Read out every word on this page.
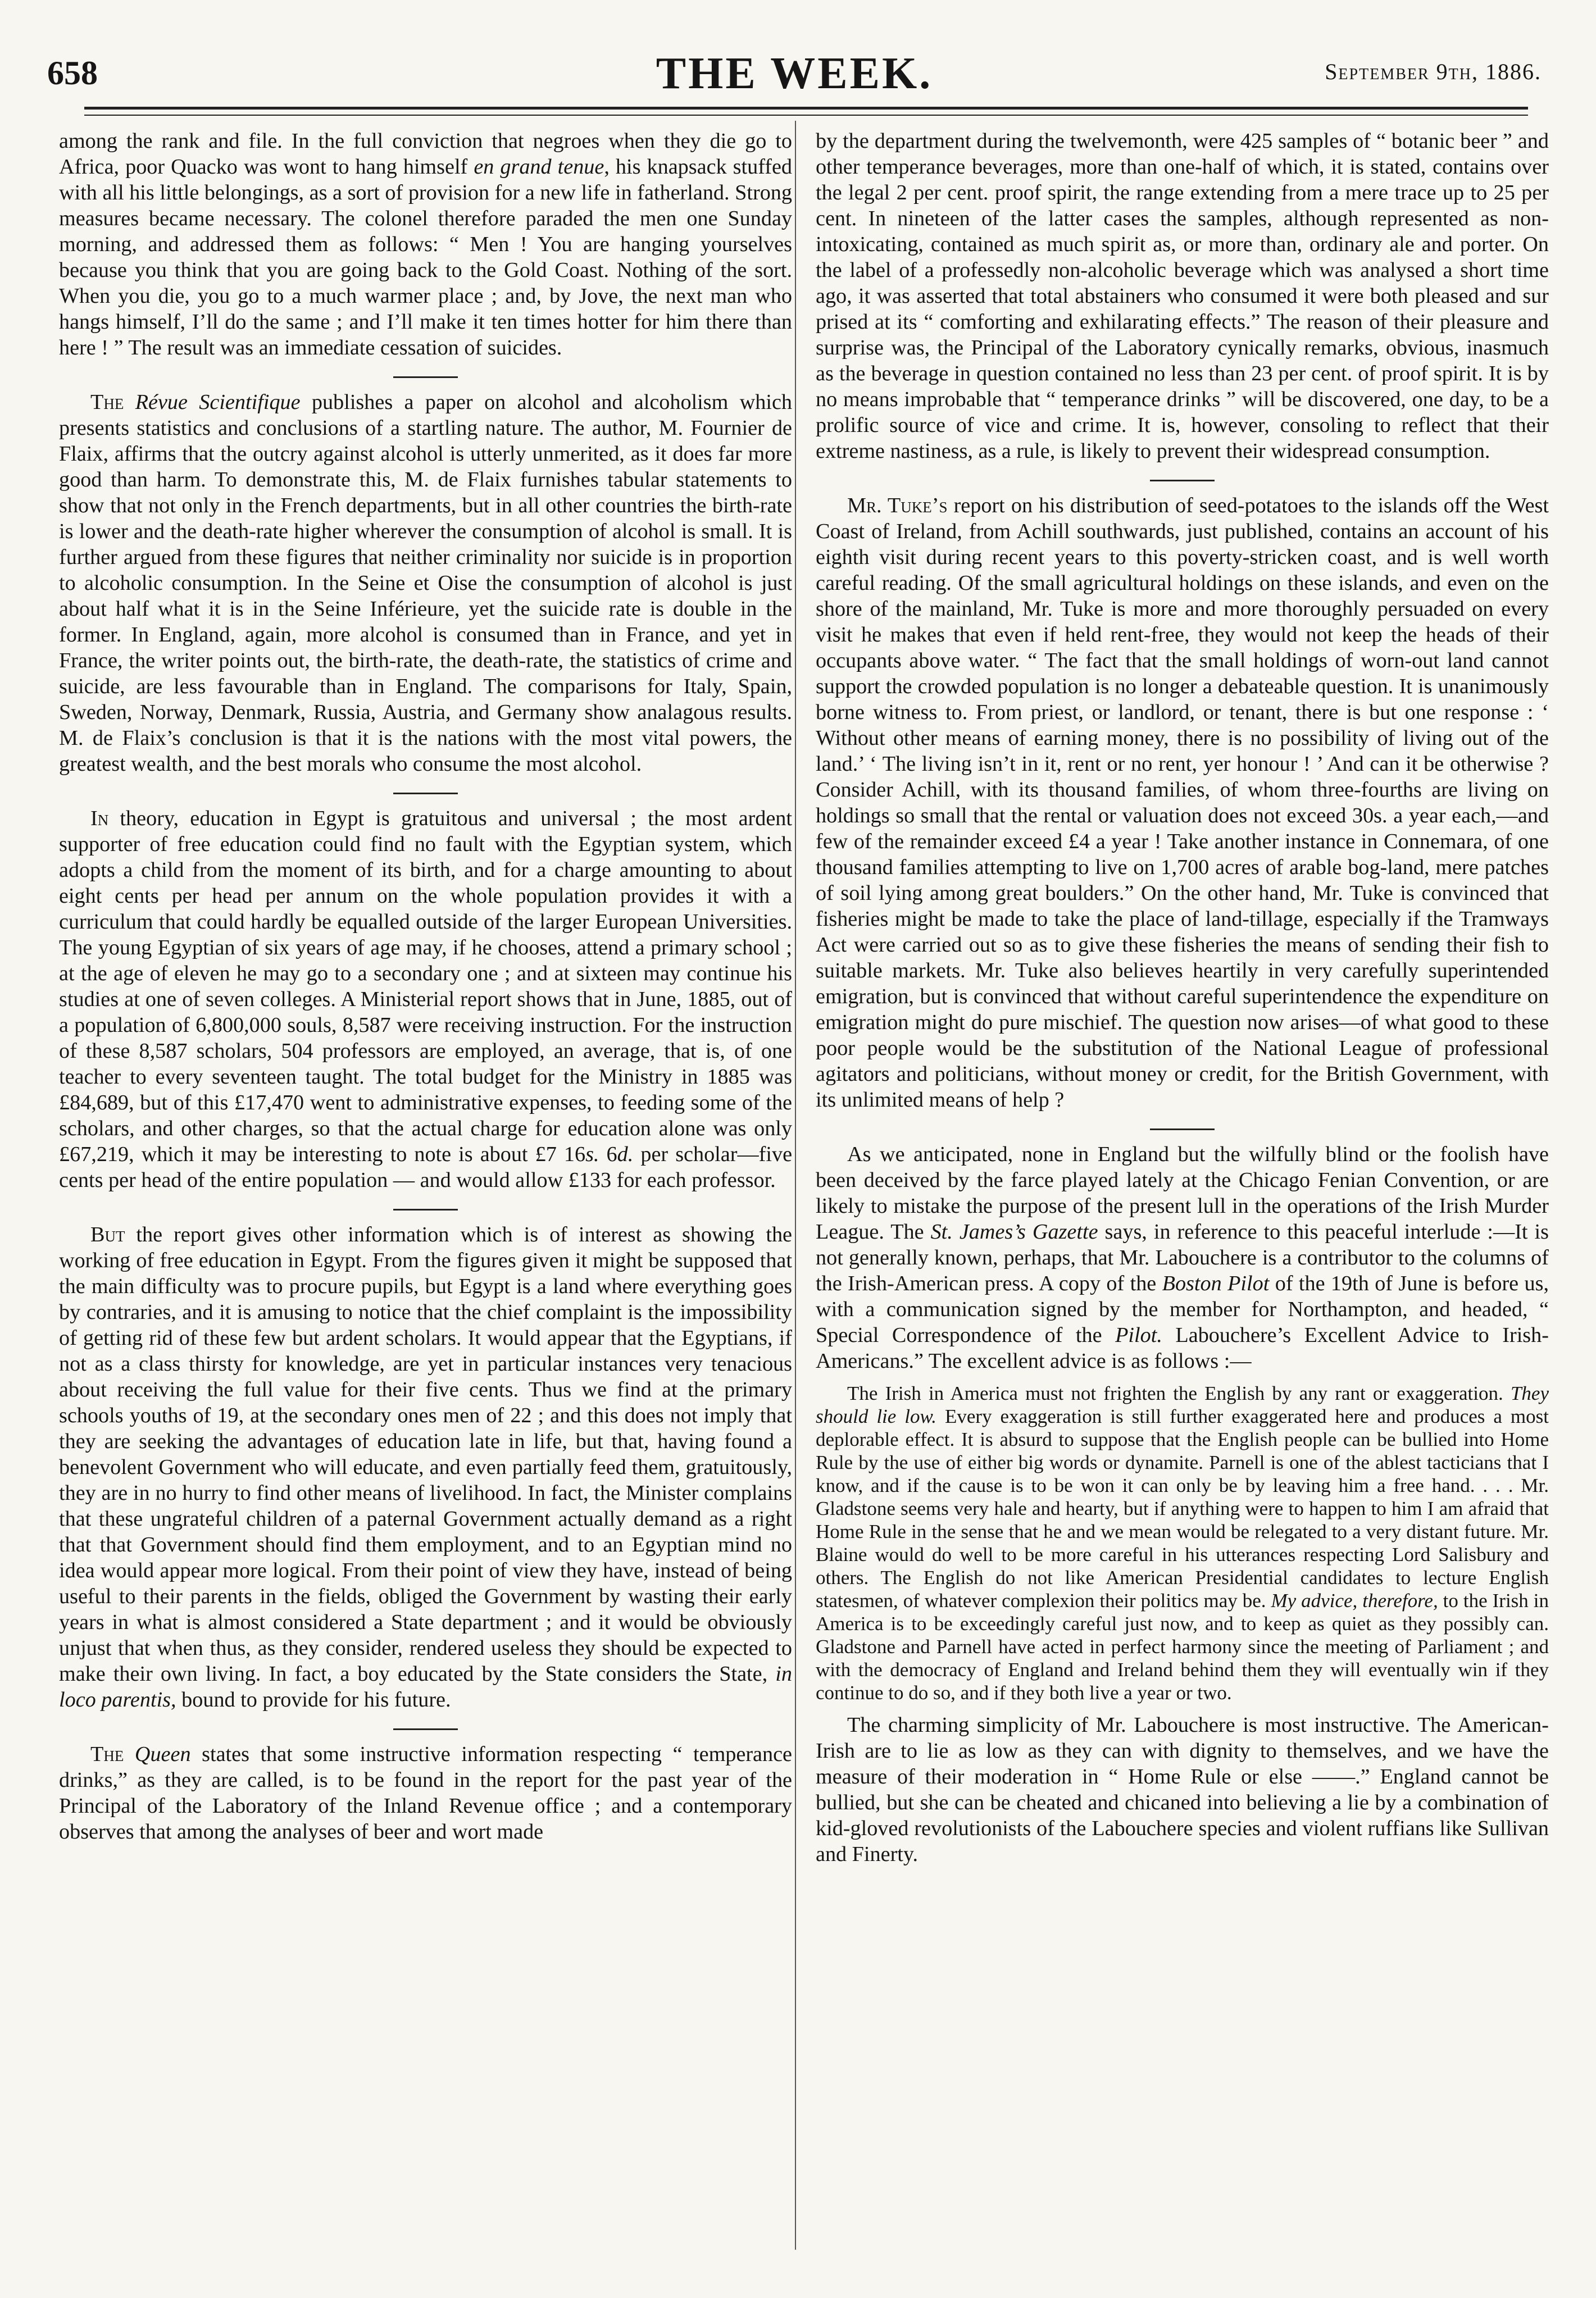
658	THE WEEK.	September 9th, 1886.

among the rank and file. In the full conviction that negroes when they die go to Africa, poor Quacko was wont to hang himself en grand tenue, his knapsack stuffed with all his little belongings, as a sort of provision for a new life in fatherland. Strong measures became necessary. The colonel therefore paraded the men one Sunday morning, and addressed them as follows: “ Men ! You are hanging yourselves because you think that you are going back to the Gold Coast. Nothing of the sort. When you die, you go to a much warmer place ; and, by Jove, the next man who hangs himself, I’ll do the same ; and I’ll make it ten times hotter for him there than here ! ” The result was an immediate cessation of suicides.

The Révue Scientifique publishes a paper on alcohol and alcoholism which presents statistics and conclusions of a startling nature. The author, M. Fournier de Flaix, affirms that the outcry against alcohol is utterly unmerited, as it does far more good than harm. To demonstrate this, M. de Flaix furnishes tabular statements to show that not only in the French departments, but in all other countries the birth-rate is lower and the death-rate higher wherever the consumption of alcohol is small. It is further argued from these figures that neither criminality nor suicide is in proportion to alcoholic consumption. In the Seine et Oise the consumption of alcohol is just about half what it is in the Seine Inférieure, yet the suicide rate is double in the former. In England, again, more alcohol is consumed than in France, and yet in France, the writer points out, the birth-rate, the death-rate, the statistics of crime and suicide, are less favourable than in England. The comparisons for Italy, Spain, Sweden, Norway, Denmark, Russia, Austria, and Germany show analagous results. M. de Flaix’s conclusion is that it is the nations with the most vital powers, the greatest wealth, and the best morals who consume the most alcohol.

In theory, education in Egypt is gratuitous and universal ; the most ardent supporter of free education could find no fault with the Egyptian system, which adopts a child from the moment of its birth, and for a charge amounting to about eight cents per head per annum on the whole population provides it with a curriculum that could hardly be equalled outside of the larger European Universities. The young Egyptian of six years of age may, if he chooses, attend a primary school ; at the age of eleven he may go to a secondary one ; and at sixteen may continue his studies at one of seven colleges. A Ministerial report shows that in June, 1885, out of a population of 6,800,000 souls, 8,587 were receiving instruction. For the instruction of these 8,587 scholars, 504 professors are employed, an average, that is, of one teacher to every seventeen taught. The total budget for the Ministry in 1885 was £84,689, but of this £17,470 went to administrative expenses, to feeding some of the scholars, and other charges, so that the actual charge for education alone was only £67,219, which it may be interesting to note is about £7 16s. 6d. per scholar—five cents per head of the entire population — and would allow £133 for each professor.

But the report gives other information which is of interest as showing the working of free education in Egypt. From the figures given it might be supposed that the main difficulty was to procure pupils, but Egypt is a land where everything goes by contraries, and it is amusing to notice that the chief complaint is the impossibility of getting rid of these few but ardent scholars. It would appear that the Egyptians, if not as a class thirsty for knowledge, are yet in particular instances very tenacious about receiving the full value for their five cents. Thus we find at the primary schools youths of 19, at the secondary ones men of 22 ; and this does not imply that they are seeking the advantages of education late in life, but that, having found a benevolent Government who will educate, and even partially feed them, gratuitously, they are in no hurry to find other means of livelihood. In fact, the Minister complains that these ungrateful children of a paternal Government actually demand as a right that that Government should find them employment, and to an Egyptian mind no idea would appear more logical. From their point of view they have, instead of being useful to their parents in the fields, obliged the Government by wasting their early years in what is almost considered a State department ; and it would be obviously unjust that when thus, as they consider, rendered useless they should be expected to make their own living. In fact, a boy educated by the State considers the State, in loco parentis, bound to provide for his future.

The Queen states that some instructive information respecting “ temperance drinks,” as they are called, is to be found in the report for the past year of the Principal of the Laboratory of the Inland Revenue office ; and a contemporary observes that among the analyses of beer and wort made

by the department during the twelvemonth, were 425 samples of “ botanic beer ” and other temperance beverages, more than one-half of which, it is stated, contains over the legal 2 per cent. proof spirit, the range extending from a mere trace up to 25 per cent. In nineteen of the latter cases the samples, although represented as non-intoxicating, contained as much spirit as, or more than, ordinary ale and porter. On the label of a professedly non-alcoholic beverage which was analysed a short time ago, it was asserted that total abstainers who consumed it were both pleased and sur prised at its “ comforting and exhilarating effects.” The reason of their pleasure and surprise was, the Principal of the Laboratory cynically remarks, obvious, inasmuch as the beverage in question contained no less than 23 per cent. of proof spirit. It is by no means improbable that “ temperance drinks ” will be discovered, one day, to be a prolific source of vice and crime. It is, however, consoling to reflect that their extreme nastiness, as a rule, is likely to prevent their widespread consumption.

Mr. Tuke’s report on his distribution of seed-potatoes to the islands off the West Coast of Ireland, from Achill southwards, just published, contains an account of his eighth visit during recent years to this poverty-stricken coast, and is well worth careful reading. Of the small agricultural holdings on these islands, and even on the shore of the mainland, Mr. Tuke is more and more thoroughly persuaded on every visit he makes that even if held rent-free, they would not keep the heads of their occupants above water. “ The fact that the small holdings of worn-out land cannot support the crowded population is no longer a debateable question. It is unanimously borne witness to. From priest, or landlord, or tenant, there is but one response : ‘ Without other means of earning money, there is no possibility of living out of the land.’ ‘ The living isn’t in it, rent or no rent, yer honour ! ’ And can it be otherwise ? Consider Achill, with its thousand families, of whom three-fourths are living on holdings so small that the rental or valuation does not exceed 30s. a year each,—and few of the remainder exceed £4 a year ! Take another instance in Connemara, of one thousand families attempting to live on 1,700 acres of arable bog-land, mere patches of soil lying among great boulders.” On the other hand, Mr. Tuke is convinced that fisheries might be made to take the place of land-tillage, especially if the Tramways Act were carried out so as to give these fisheries the means of sending their fish to suitable markets. Mr. Tuke also believes heartily in very carefully superintended emigration, but is convinced that without careful superintendence the expenditure on emigration might do pure mischief. The question now arises—of what good to these poor people would be the substitution of the National League of professional agitators and politicians, without money or credit, for the British Government, with its unlimited means of help ?

As we anticipated, none in England but the wilfully blind or the foolish have been deceived by the farce played lately at the Chicago Fenian Convention, or are likely to mistake the purpose of the present lull in the operations of the Irish Murder League. The St. James’s Gazette says, in reference to this peaceful interlude :—It is not generally known, perhaps, that Mr. Labouchere is a contributor to the columns of the Irish-American press. A copy of the Boston Pilot of the 19th of June is before us, with a communication signed by the member for Northampton, and headed, “ Special Correspondence of the Pilot. Labouchere’s Excellent Advice to Irish-Americans.” The excellent advice is as follows :—

The Irish in America must not frighten the English by any rant or exaggeration. They should lie low. Every exaggeration is still further exaggerated here and produces a most deplorable effect. It is absurd to suppose that the English people can be bullied into Home Rule by the use of either big words or dynamite. Parnell is one of the ablest tacticians that I know, and if the cause is to be won it can only be by leaving him a free hand. . . . Mr. Gladstone seems very hale and hearty, but if anything were to happen to him I am afraid that Home Rule in the sense that he and we mean would be relegated to a very distant future. Mr. Blaine would do well to be more careful in his utterances respecting Lord Salisbury and others. The English do not like American Presidential candidates to lecture English statesmen, of whatever complexion their politics may be. My advice, therefore, to the Irish in America is to be exceedingly careful just now, and to keep as quiet as they possibly can. Gladstone and Parnell have acted in perfect harmony since the meeting of Parliament ; and with the democracy of England and Ireland behind them they will eventually win if they continue to do so, and if they both live a year or two.

The charming simplicity of Mr. Labouchere is most instructive. The American-Irish are to lie as low as they can with dignity to themselves, and we have the measure of their moderation in “ Home Rule or else ——.” England cannot be bullied, but she can be cheated and chicaned into believing a lie by a combination of kid-gloved revolutionists of the Labouchere species and violent ruffians like Sullivan and Finerty.
